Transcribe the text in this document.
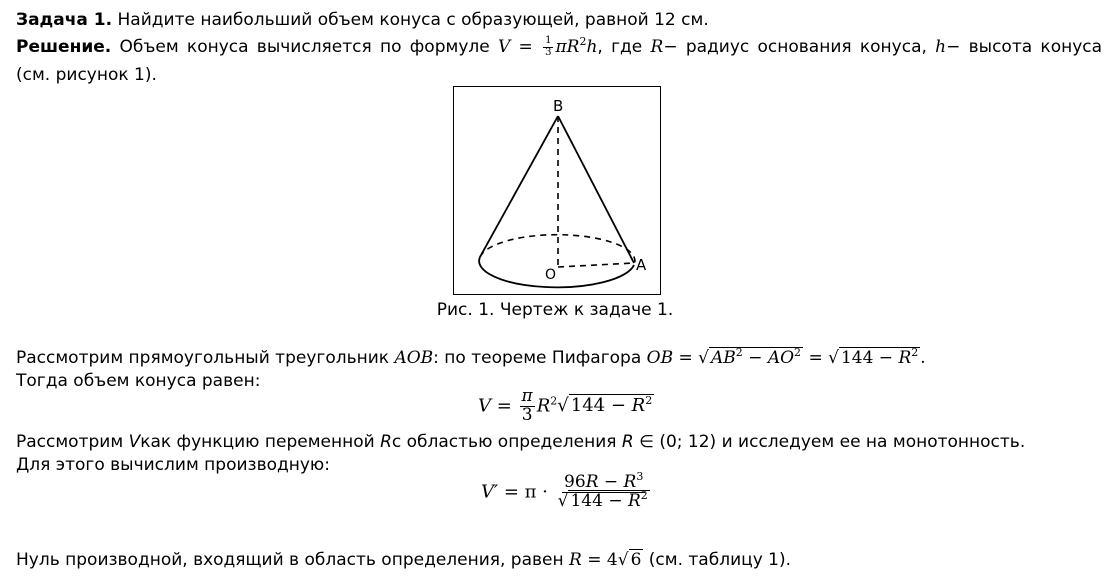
Задача 1. Найдите наибольший объем конуса с образующей, равной 12 см.
Решение. Объем конуса вычисляется по формуле $V = \frac{1}{3} \pi R^2h$, где R− радиус основания конуса, h− высота конуса
(см. рисунок 1).
B
O
A
Рис. 1. Чертеж к задаче 1.
Рассмотрим прямоугольный треугольник AOB: по теореме Пифагора OB = √ $AB^2 - AO^2$ = √ $144 - R^2$ .
Тогда объем конуса равен:
$V = \frac{\pi}{3} R^2√$ $144 - R^2$
Рассмотрим Vкак функцию переменной Rс областью определения R ∈ (0; 12) и исследуем ее на монотонность.
Для этого вычислим производную:
$V' = \pi \cdot \frac{96R - R^3}{√ 144 - R^2}$
Нуль производной, входящий в область определения, равен R = 4√ 6 (см. таблицу 1).
